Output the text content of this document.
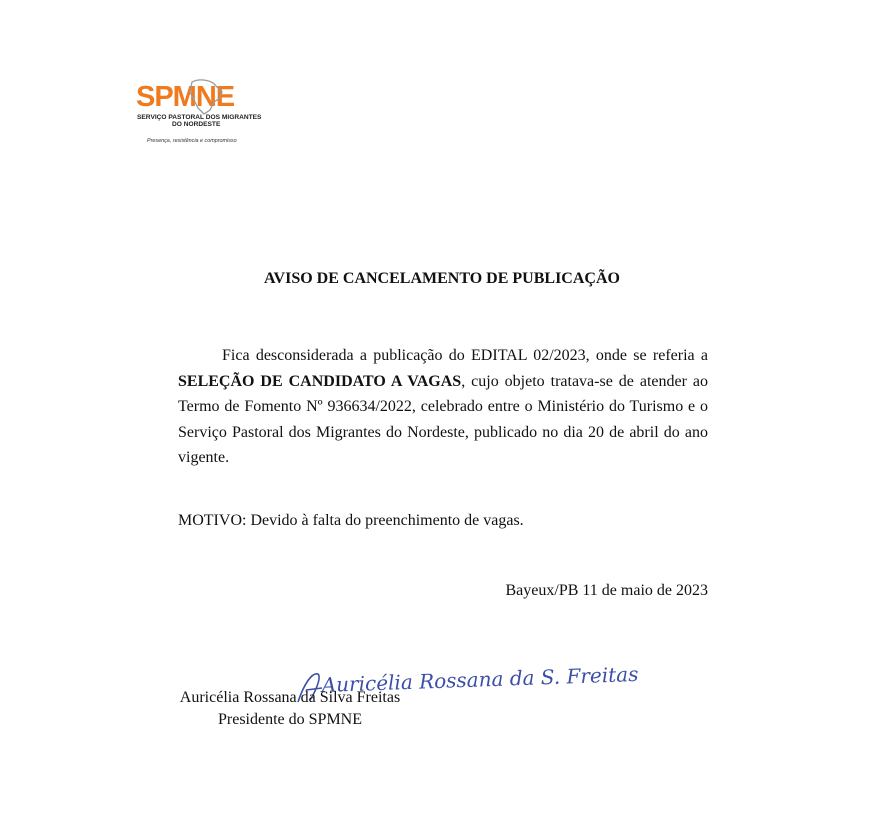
SPMNE
SERVIÇO PASTORAL DOS MIGRANTES
DO NORDESTE
Presença, resistência e compromisso
AVISO DE CANCELAMENTO DE PUBLICAÇÃO
Fica desconsiderada a publicação do EDITAL 02/2023, onde se referia a SELEÇÃO DE CANDIDATO A VAGAS, cujo objeto tratava-se de atender ao Termo de Fomento Nº 936634/2022, celebrado entre o Ministério do Turismo e o Serviço Pastoral dos Migrantes do Nordeste, publicado no dia 20 de abril do ano vigente.
MOTIVO: Devido à falta do preenchimento de vagas.
Bayeux/PB 11 de maio de 2023
Auricélia Rossana da S. Freitas
Auricélia Rossana da Silva Freitas
Presidente do SPMNE
